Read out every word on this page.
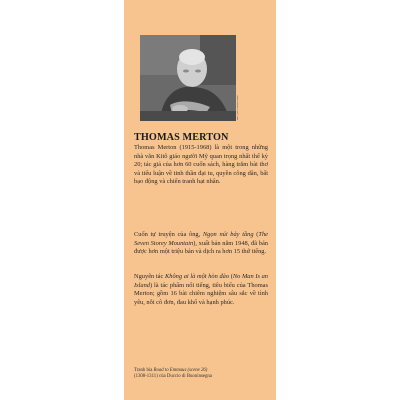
Ảnh: John Howard Griffin
THOMAS MERTON

Thomas Merton (1915-1968) là một trong những nhà văn Kitô giáo người Mỹ quan trọng nhất thế kỷ 20; tác giả của hơn 60 cuốn sách, hàng trăm bài thơ và tiểu luận về tinh thần đại tu, quyền công dân, bất bạo động và chiến tranh hạt nhân.

Cuốn tự truyện của ông, Ngọn núi bảy tầng (The Seven Storey Mountain), xuất bản năm 1948, đã bán được hơn một triệu bản và dịch ra hơn 15 thứ tiếng.

Nguyên tác Không ai là một hòn đảo (No Man Is an Island) là tác phẩm nổi tiếng, tiêu biểu của Thomas Merton; gồm 16 bài chiêm nghiệm sâu sắc về tình yêu, nỗi cô đơn, đau khổ và hạnh phúc.

Tranh bìa Road to Emmaus (scene 26)
(1308-1311) của Duccio di Buoninsegna
